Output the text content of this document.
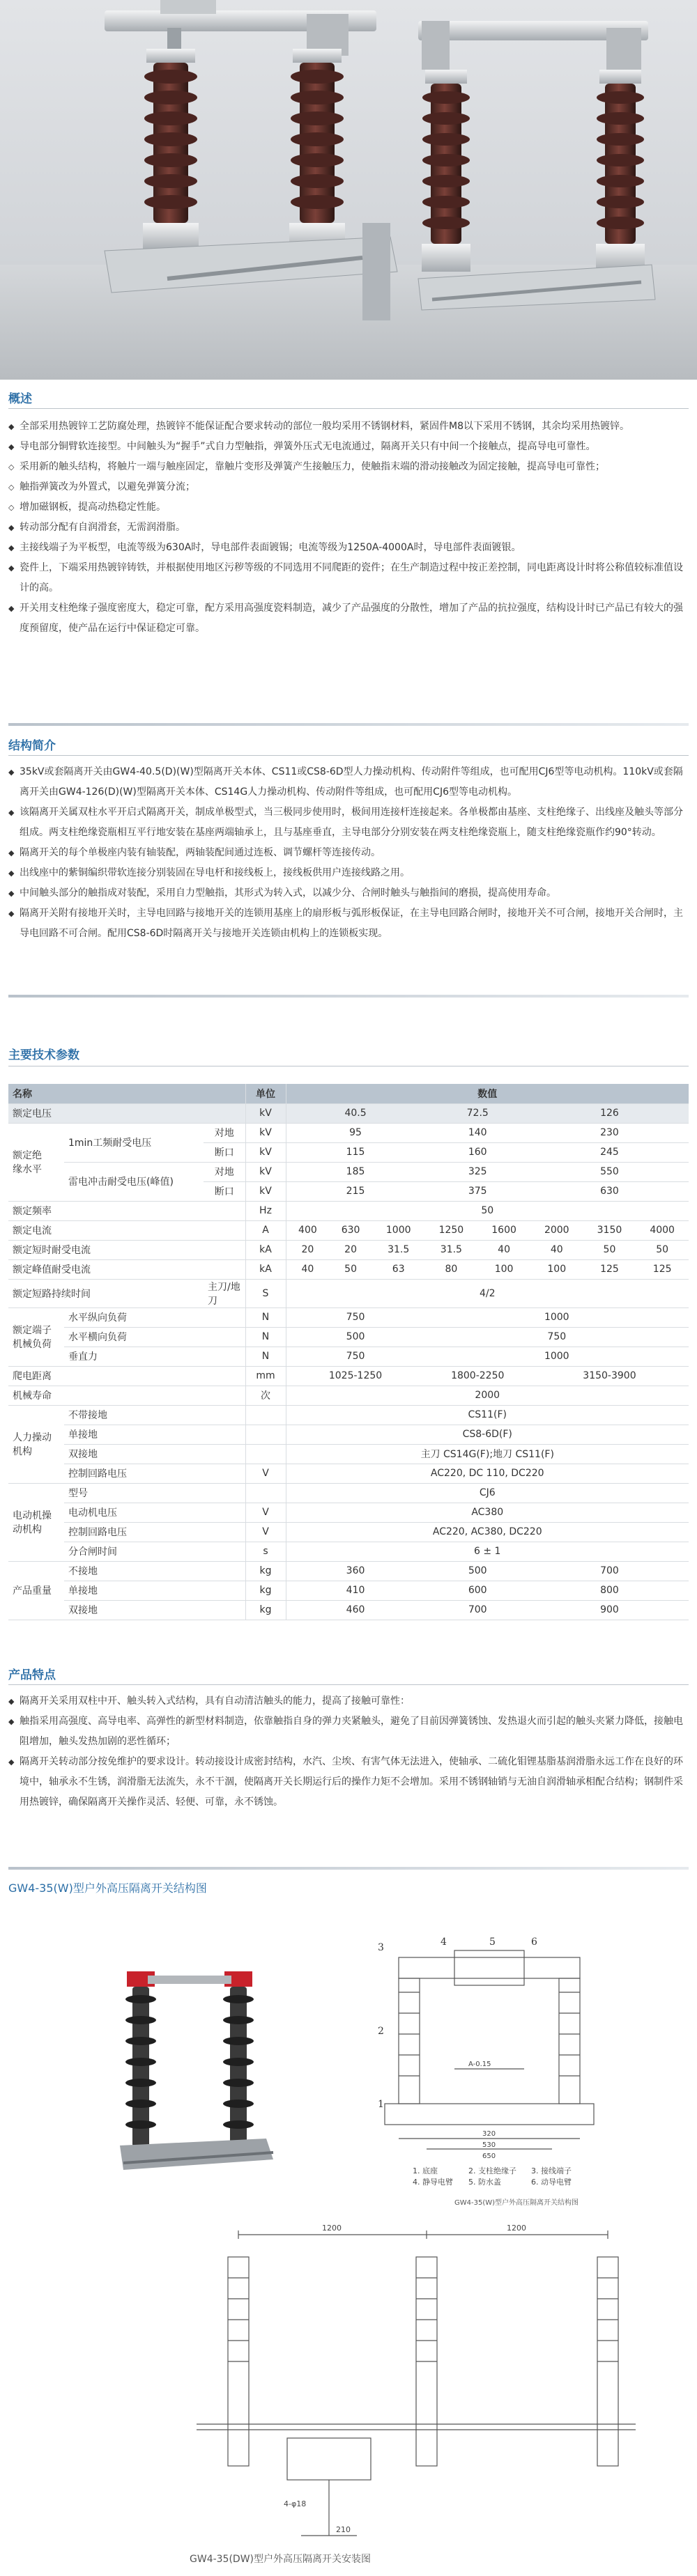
概述

◆ 全部采用热镀锌工艺防腐处理，热镀锌不能保证配合要求转动的部位一般均采用不锈钢材料，紧固件M8以下采用不锈钢，其余均采用热镀锌。

◆ 导电部分铜臂软连接型。中间触头为“握手”式自力型触指，弹簧外压式无电流通过，隔离开关只有中间一个接触点，提高导电可靠性。

◇ 采用新的触头结构，将触片一端与触座固定，靠触片变形及弹簧产生接触压力，使触指末端的滑动接触改为固定接触，提高导电可靠性；

◇ 触指弹簧改为外置式，以避免弹簧分流；

◇ 增加磁钢板，提高动热稳定性能。

◆ 转动部分配有自润滑套，无需润滑脂。

◆ 主接线端子为平板型，电流等级为630A时，导电部件表面镀锡；电流等级为1250A-4000A时，导电部件表面镀银。

◆ 瓷件上，下端采用热镀锌铸铁，并根据使用地区污秽等级的不同选用不同爬距的瓷件；在生产制造过程中按正差控制，同电距离设计时将公称值较标准值设计的高。

◆ 开关用支柱绝缘子强度密度大，稳定可靠，配方采用高强度瓷料制造，减少了产品强度的分散性，增加了产品的抗拉强度，结构设计时已产品已有较大的强度预留度，使产品在运行中保证稳定可靠。

结构简介

◆ 35kV或套隔离开关由GW4-40.5(D)(W)型隔离开关本体、CS11或CS8-6D型人力操动机构、传动附件等组成，也可配用CJ6型等电动机构。110kV或套隔离开关由GW4-126(D)(W)型隔离开关本体、CS14G人力操动机构、传动附件等组成，也可配用CJ6型等电动机构。

◆ 该隔离开关属双柱水平开启式隔离开关，制成单极型式，当三极同步使用时，极间用连接杆连接起来。各单极都由基座、支柱绝缘子、出线座及触头等部分组成。两支柱绝缘瓷瓶相互平行地安装在基座两端轴承上，且与基座垂直，主导电部分分别安装在两支柱绝缘瓷瓶上，随支柱绝缘瓷瓶作约90°转动。

◆ 隔离开关的每个单极座内装有轴装配，两轴装配间通过连板、调节螺杆等连接传动。

◆ 出线座中的紫铜编织带软连接分别装固在导电杆和接线板上，接线板供用户连接线路之用。

◆ 中间触头部分的触指成对装配，采用自力型触指，其形式为转入式，以减少分、合闸时触头与触指间的磨损，提高使用寿命。

◆ 隔离开关附有接地开关时，主导电回路与接地开关的连锁用基座上的扇形板与弧形板保证，在主导电回路合闸时，接地开关不可合闸，接地开关合闸时，主导电回路不可合闸。配用CS8-6D时隔离开关与接地开关连锁由机构上的连锁板实现。

主要技术参数
名称			单位	数值							
额定电压			kV	40.5			72.5		126		
额定绝
缘水平	1min工频耐受电压	对地	kV	95			140		230		
		断口	kV	115			160		245		
	雷电冲击耐受电压(峰值)	对地	kV	185			325		550		
		断口	kV	215			375		630		
额定频率			Hz	50							
额定电流			A	400	630	1000	1250	1600	2000	3150	4000
额定短时耐受电流			kA	20	20	31.5	31.5	40	40	50	50
额定峰值耐受电流			kA	40	50	63	80	100	100	125	125
额定短路持续时间		主刀/地刀	S	4/2							
额定端子机械负荷	水平纵向负荷		N	750			1000				
	水平横向负荷		N	500			750				
	垂直力		N	750			1000				
爬电距离			mm	1025-1250			1800-2250		3150-3900		
机械寿命			次	2000							
人力操动机构	不带接地			CS11(F)							
	单接地			CS8-6D(F)							
	双接地			主刀 CS14G(F);地刀 CS11(F)							
	控制回路电压		V	AC220, DC 110, DC220							
电动机操动机构	型号			CJ6							
	电动机电压		V	AC380							
	控制回路电压		V	AC220, AC380, DC220							
	分合闸时间		s	6 ± 1							
产品重量	不接地		kg	360			500		700		
	单接地		kg	410			600		800		
	双接地		kg	460			700		900		
产品特点

◆ 隔离开关采用双柱中开、触头转入式结构，具有自动清洁触头的能力，提高了接触可靠性：

◆ 触指采用高强度、高导电率、高弹性的新型材料制造，依靠触指自身的弹力夹紧触头，避免了目前因弹簧锈蚀、发热退火而引起的触头夹紧力降低，接触电阻增加，触头发热加剧的恶性循环；

◆ 隔离开关转动部分按免维护的要求设计。转动接设计成密封结构，水汽、尘埃、有害气体无法进入，使轴承、二硫化钼锂基脂基润滑脂永远工作在良好的环境中，轴承永不生锈，润滑脂无法流失，永不干涸，使隔离开关长期运行后的操作力矩不会增加。采用不锈钢轴销与无油自润滑轴承相配合结构；钢制件采用热镀锌，确保隔离开关操作灵活、轻便、可靠，永不锈蚀。

GW4-35(W)型户外高压隔离开关结构图
3
2
1
4	5	6
A-0.15
320
530
650
1. 底座
4. 静导电臂
2. 支柱绝缘子
5. 防水盖
3. 接线端子
6. 动导电臂
GW4-35(W)型户外高压隔离开关结构图
1200	1200
210
4-φ18
GW4-35(DW)型户外高压隔离开关安装图
